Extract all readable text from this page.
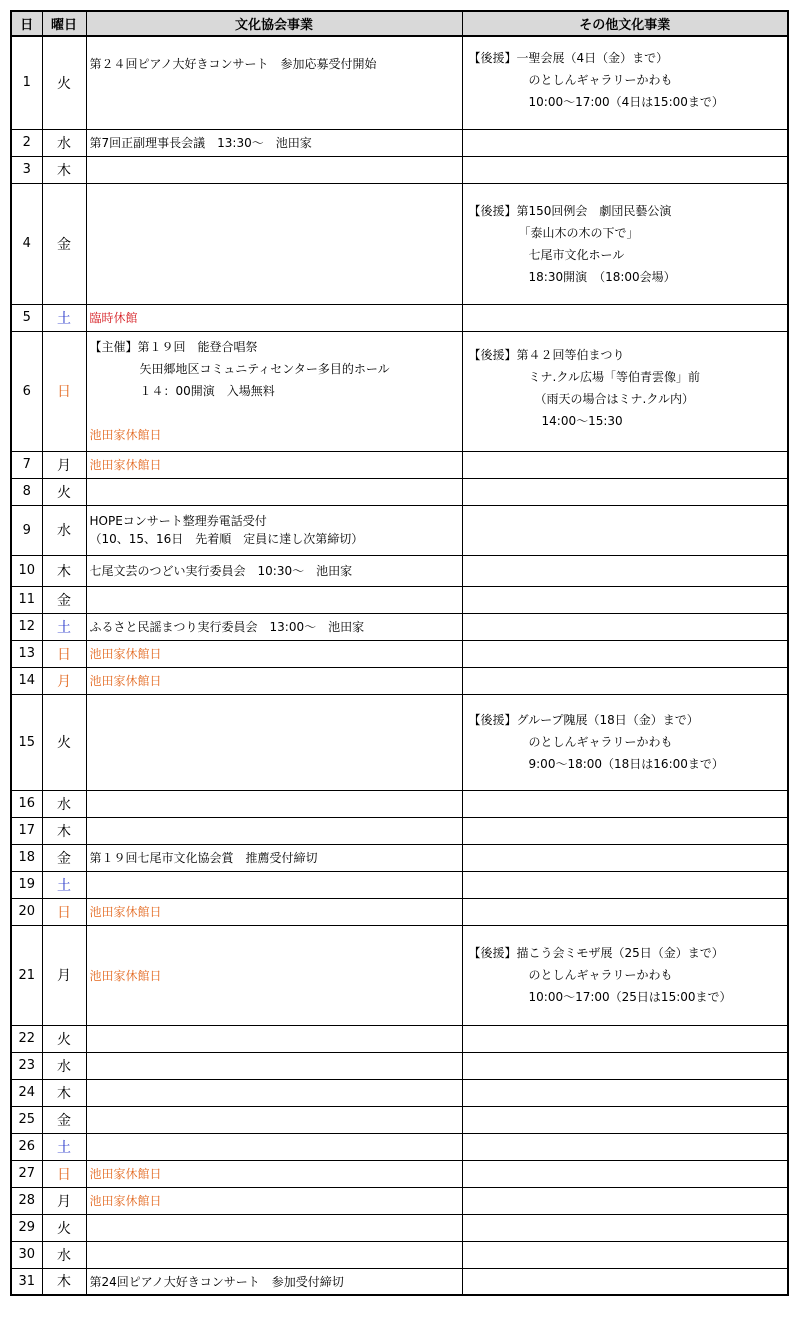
日	曜日	文化協会事業	その他文化事業
1	火	第２４回ピアノ大好きコンサート　参加応募受付開始	【後援】一聖会展（4日（金）まで）
のとしんギャラリーかわも
10:00～17:00（4日は15:00まで）

2	水	第7回正副理事長会議　13:30～　池田家	
3	木		
4	金		【後援】第150回例会　劇団民藝公演
「泰山木の木の下で」
七尾市文化ホール
18:30開演　（18:00会場）

5	土	臨時休館	
6	日	【主催】第１９回　能登合唱祭
矢田郷地区コミュニティセンター多目的ホール
１４：00開演　入場無料
池田家休館日	【後援】第４２回等伯まつり
ミナ.クル広場「等伯青雲像」前
（雨天の場合はミナ.クル内）
14:00～15:30

7	月	池田家休館日	
8	火		
9	水	HOPEコンサート整理券電話受付
（10、15、16日　先着順　定員に達し次第締切）	

10	木	七尾文芸のつどい実行委員会　10:30～　池田家	
11	金		
12	土	ふるさと民謡まつり実行委員会　13:00～　池田家	
13	日	池田家休館日	
14	月	池田家休館日	
15	火		【後援】グループ隗展（18日（金）まで）
のとしんギャラリーかわも
9:00～18:00（18日は16:00まで）

16	水		
17	木		
18	金	第１９回七尾市文化協会賞　推薦受付締切	
19	土		
20	日	池田家休館日	
21	月	池田家休館日	【後援】描こう会ミモザ展（25日（金）まで）
のとしんギャラリーかわも
10:00～17:00（25日は15:00まで）

22	火		
23	水		
24	木		
25	金		
26	土		
27	日	池田家休館日	
28	月	池田家休館日	
29	火		
30	水		
31	木	第24回ピアノ大好きコンサート　参加受付締切	
